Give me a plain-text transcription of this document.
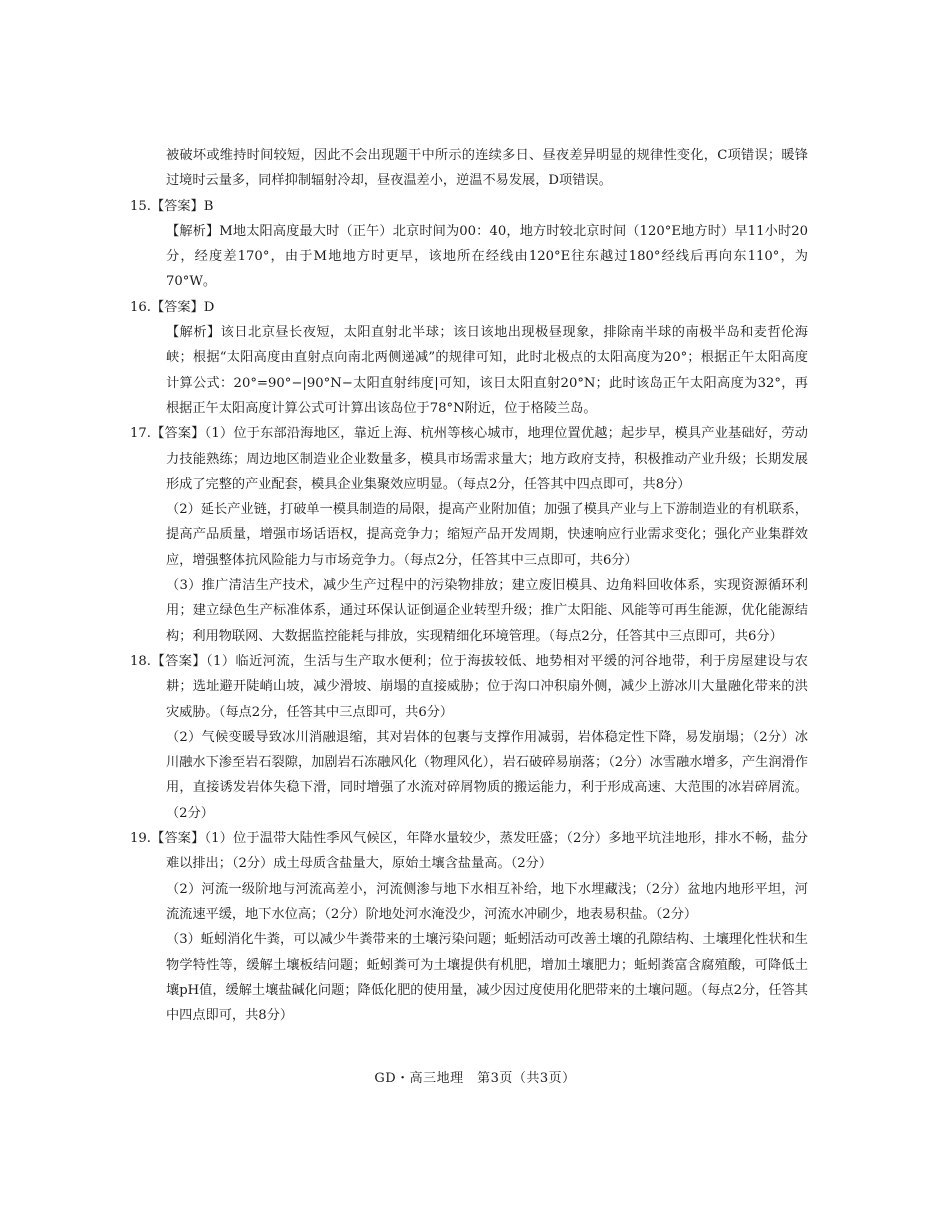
被破坏或维持时间较短，因此不会出现题干中所示的连续多日、昼夜差异明显的规律性变化，C项错误；暖锋过境时云量多，同样抑制辐射冷却，昼夜温差小，逆温不易发展，D项错误。

15.【答案】B

【解析】M地太阳高度最大时（正午）北京时间为00：40，地方时较北京时间（120°E地方时）早11小时20分，经度差170°，由于M地地方时更早，该地所在经线由120°E往东越过180°经线后再向东110°，为70°W。

16.【答案】D

【解析】该日北京昼长夜短，太阳直射北半球；该日该地出现极昼现象，排除南半球的南极半岛和麦哲伦海峡；根据“太阳高度由直射点向南北两侧递减”的规律可知，此时北极点的太阳高度为20°；根据正午太阳高度计算公式：20°=90°−|90°N−太阳直射纬度|可知，该日太阳直射20°N；此时该岛正午太阳高度为32°，再根据正午太阳高度计算公式可计算出该岛位于78°N附近，位于格陵兰岛。

17.【答案】（1）位于东部沿海地区，靠近上海、杭州等核心城市，地理位置优越；起步早，模具产业基础好，劳动力技能熟练；周边地区制造业企业数量多，模具市场需求量大；地方政府支持，积极推动产业升级；长期发展形成了完整的产业配套，模具企业集聚效应明显。（每点2分，任答其中四点即可，共8分）

（2）延长产业链，打破单一模具制造的局限，提高产业附加值；加强了模具产业与上下游制造业的有机联系，提高产品质量，增强市场话语权，提高竞争力；缩短产品开发周期，快速响应行业需求变化；强化产业集群效应，增强整体抗风险能力与市场竞争力。（每点2分，任答其中三点即可，共6分）

（3）推广清洁生产技术，减少生产过程中的污染物排放；建立废旧模具、边角料回收体系，实现资源循环利用；建立绿色生产标准体系，通过环保认证倒逼企业转型升级；推广太阳能、风能等可再生能源，优化能源结构；利用物联网、大数据监控能耗与排放，实现精细化环境管理。（每点2分，任答其中三点即可，共6分）

18.【答案】（1）临近河流，生活与生产取水便利；位于海拔较低、地势相对平缓的河谷地带，利于房屋建设与农耕；选址避开陡峭山坡，减少滑坡、崩塌的直接威胁；位于沟口冲积扇外侧，减少上游冰川大量融化带来的洪灾威胁。（每点2分，任答其中三点即可，共6分）

（2）气候变暖导致冰川消融退缩，其对岩体的包裹与支撑作用减弱，岩体稳定性下降，易发崩塌；（2分）冰川融水下渗至岩石裂隙，加剧岩石冻融风化（物理风化），岩石破碎易崩落；（2分）冰雪融水增多，产生润滑作用，直接诱发岩体失稳下滑，同时增强了水流对碎屑物质的搬运能力，利于形成高速、大范围的冰岩碎屑流。（2分）

19.【答案】（1）位于温带大陆性季风气候区，年降水量较少，蒸发旺盛；（2分）多地平坑洼地形，排水不畅，盐分难以排出；（2分）成土母质含盐量大，原始土壤含盐量高。（2分）

（2）河流一级阶地与河流高差小，河流侧渗与地下水相互补给，地下水埋藏浅；（2分）盆地内地形平坦，河流流速平缓，地下水位高；（2分）阶地处河水淹没少，河流水冲刷少，地表易积盐。（2分）

（3）蚯蚓消化牛粪，可以减少牛粪带来的土壤污染问题；蚯蚓活动可改善土壤的孔隙结构、土壤理化性状和生物学特性等，缓解土壤板结问题；蚯蚓粪可为土壤提供有机肥，增加土壤肥力；蚯蚓粪富含腐殖酸，可降低土壤pH值，缓解土壤盐碱化问题；降低化肥的使用量，减少因过度使用化肥带来的土壤问题。（每点2分，任答其中四点即可，共8分）

GD・高三地理　第3页（共3页）
